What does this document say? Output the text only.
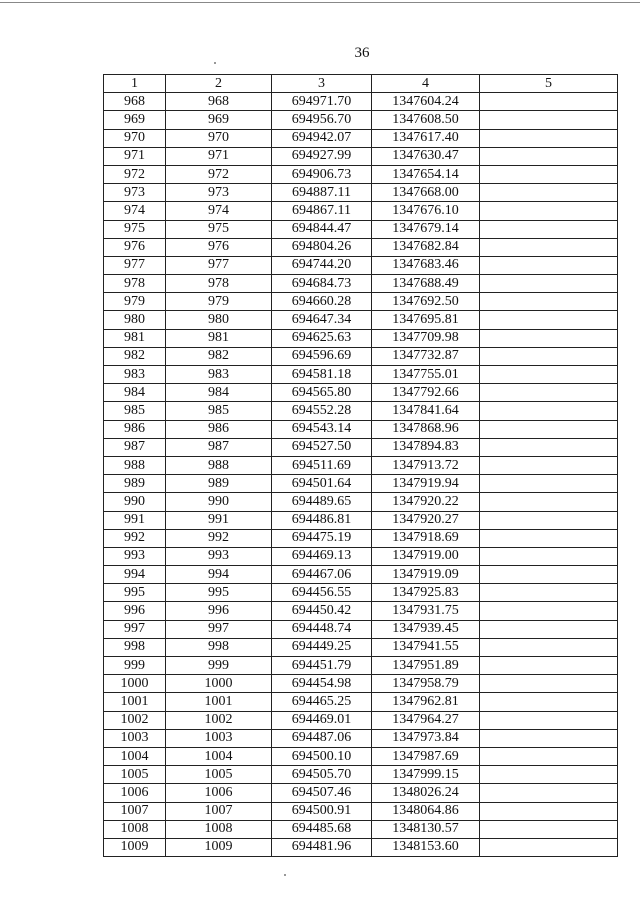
36
1	2	3	4	5
968	968	694971.70	1347604.24	
969	969	694956.70	1347608.50	
970	970	694942.07	1347617.40	
971	971	694927.99	1347630.47	
972	972	694906.73	1347654.14	
973	973	694887.11	1347668.00	
974	974	694867.11	1347676.10	
975	975	694844.47	1347679.14	
976	976	694804.26	1347682.84	
977	977	694744.20	1347683.46	
978	978	694684.73	1347688.49	
979	979	694660.28	1347692.50	
980	980	694647.34	1347695.81	
981	981	694625.63	1347709.98	
982	982	694596.69	1347732.87	
983	983	694581.18	1347755.01	
984	984	694565.80	1347792.66	
985	985	694552.28	1347841.64	
986	986	694543.14	1347868.96	
987	987	694527.50	1347894.83	
988	988	694511.69	1347913.72	
989	989	694501.64	1347919.94	
990	990	694489.65	1347920.22	
991	991	694486.81	1347920.27	
992	992	694475.19	1347918.69	
993	993	694469.13	1347919.00	
994	994	694467.06	1347919.09	
995	995	694456.55	1347925.83	
996	996	694450.42	1347931.75	
997	997	694448.74	1347939.45	
998	998	694449.25	1347941.55	
999	999	694451.79	1347951.89	
1000	1000	694454.98	1347958.79	
1001	1001	694465.25	1347962.81	
1002	1002	694469.01	1347964.27	
1003	1003	694487.06	1347973.84	
1004	1004	694500.10	1347987.69	
1005	1005	694505.70	1347999.15	
1006	1006	694507.46	1348026.24	
1007	1007	694500.91	1348064.86	
1008	1008	694485.68	1348130.57	
1009	1009	694481.96	1348153.60	
